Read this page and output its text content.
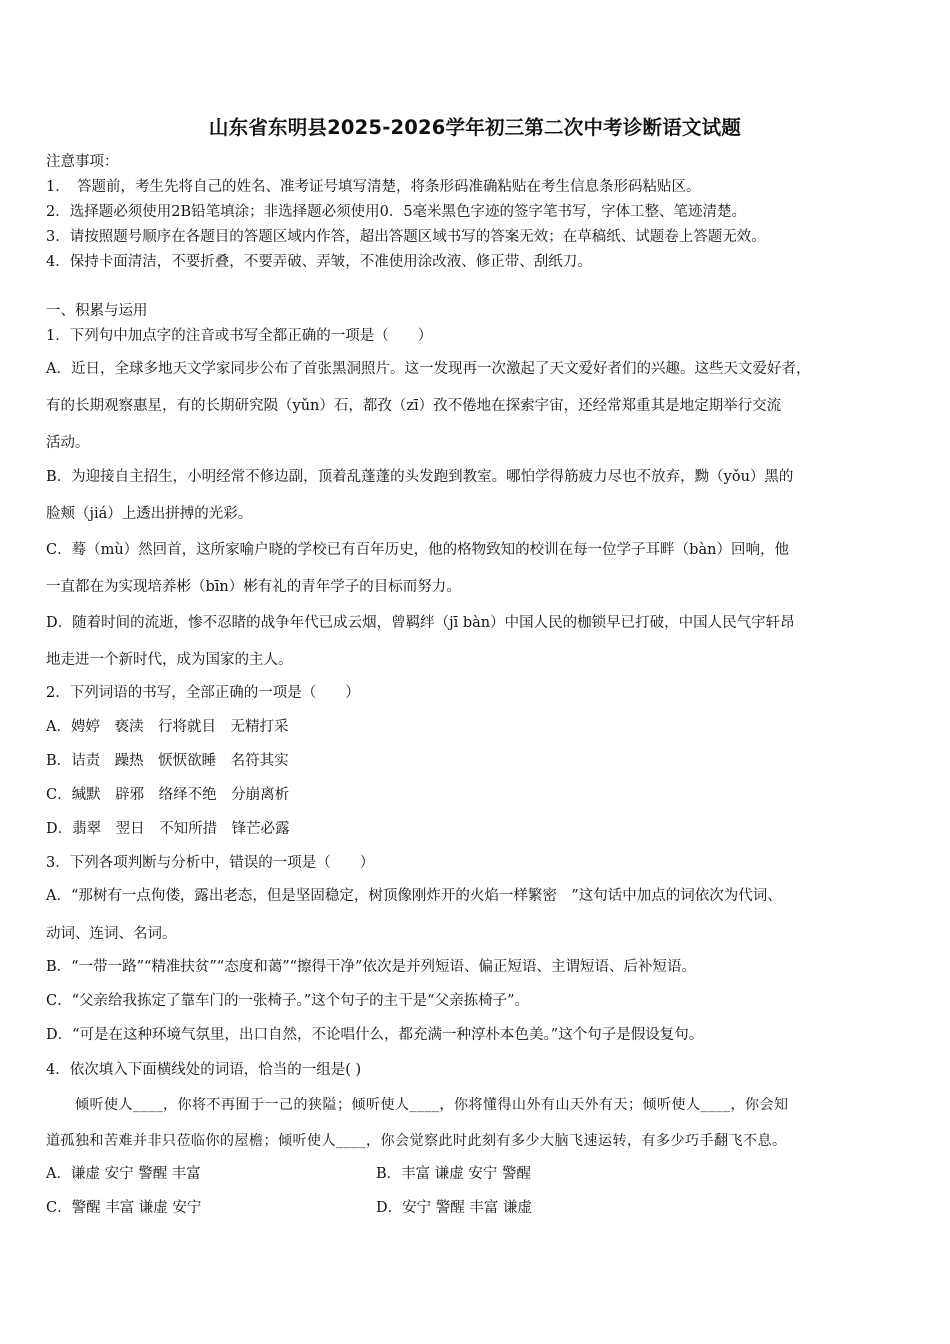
山东省东明县2025-2026学年初三第二次中考诊断语文试题
注意事项：
1．　答题前，考生先将自己的姓名、准考证号填写清楚，将条形码准确粘贴在考生信息条形码粘贴区。
2．选择题必须使用2B铅笔填涂；非选择题必须使用0．5毫米黑色字迹的签字笔书写，字体工整、笔迹清楚。
3．请按照题号顺序在各题目的答题区域内作答，超出答题区域书写的答案无效；在草稿纸、试题卷上答题无效。
4．保持卡面清洁，不要折叠，不要弄破、弄皱，不准使用涂改液、修正带、刮纸刀。
一、积累与运用
1．下列句中加点字的注音或书写全都正确的一项是（　　）
A．近日，全球多地天文学家同步公布了首张黑洞照片。这一发现再一次激起了天文爱好者们的兴趣。这些天文爱好者，
有的长期观察惠星，有的长期研究陨（yǔn）石，都孜（zī）孜不倦地在探索宇宙，还经常郑重其是地定期举行交流
活动。
B．为迎接自主招生，小明经常不修边副，顶着乱蓬蓬的头发跑到教室。哪怕学得筋疲力尽也不放弃，黝（yǒu）黑的
脸颊（jiá）上透出拼搏的光彩。
C．蓦（mù）然回首，这所家喻户晓的学校已有百年历史，他的格物致知的校训在每一位学子耳畔（bàn）回响，他
一直都在为实现培养彬（bīn）彬有礼的青年学子的目标而努力。
D．随着时间的流逝，惨不忍睹的战争年代已成云烟，曾羁绊（jī bàn）中国人民的枷锁早已打破，中国人民气宇轩昂
地走进一个新时代，成为国家的主人。
2．下列词语的书写，全部正确的一项是（　　）
A．娉婷　亵渎　行将就目　无精打采
B．诘责　躁热　恹恹欲睡　名符其实
C．缄默　辟邪　络绎不绝　分崩离析
D．翡翠　翌日　不知所措　锋芒必露
3．下列各项判断与分析中，错误的一项是（　　）
A．“那树有一点佝偻，露出老态，但是坚固稳定，树顶像刚炸开的火焰一样繁密　”这句话中加点的词依次为代词、
动词、连词、名词。
B．“一带一路”“精准扶贫”“态度和蔼”“擦得干净”依次是并列短语、偏正短语、主谓短语、后补短语。
C．“父亲给我拣定了靠车门的一张椅子。”这个句子的主干是“父亲拣椅子”。
D．“可是在这种环境气氛里，出口自然，不论唱什么，都充满一种淳朴本色美。”这个句子是假设复句。
4．依次填入下面横线处的词语，恰当的一组是( )
　　倾听使人____，你将不再囿于一己的狭隘；倾听使人____，你将懂得山外有山天外有天；倾听使人____，你会知
道孤独和苦难并非只莅临你的屋檐；倾听使人____，你会觉察此时此刻有多少大脑飞速运转，有多少巧手翻飞不息。
A．谦虚 安宁 警醒 丰富	B．丰富 谦虚 安宁 警醒
C．警醒 丰富 谦虚 安宁	D．安宁 警醒 丰富 谦虚
